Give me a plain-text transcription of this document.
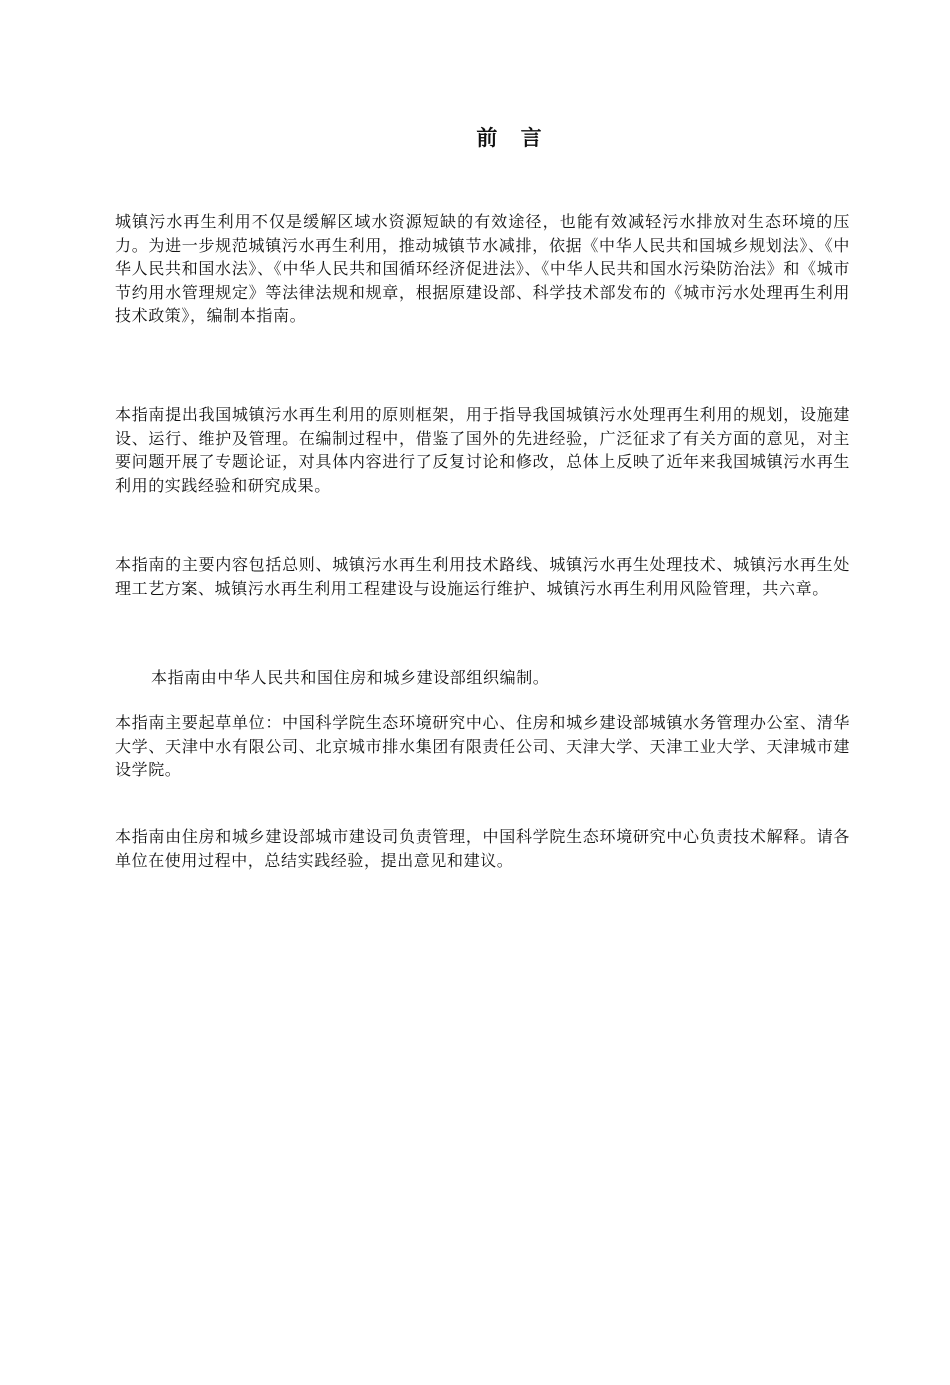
前 言

城镇污水再生利用不仅是缓解区域水资源短缺的有效途径，也能有效减轻污水排放对生态环境的压力。为进一步规范城镇污水再生利用，推动城镇节水减排，依据《中华人民共和国城乡规划法》、《中华人民共和国水法》、《中华人民共和国循环经济促进法》、《中华人民共和国水污染防治法》和《城市节约用水管理规定》等法律法规和规章，根据原建设部、科学技术部发布的《城市污水处理再生利用技术政策》，编制本指南。

本指南提出我国城镇污水再生利用的原则框架，用于指导我国城镇污水处理再生利用的规划，设施建设、运行、维护及管理。在编制过程中，借鉴了国外的先进经验，广泛征求了有关方面的意见，对主要问题开展了专题论证，对具体内容进行了反复讨论和修改，总体上反映了近年来我国城镇污水再生利用的实践经验和研究成果。

本指南的主要内容包括总则、城镇污水再生利用技术路线、城镇污水再生处理技术、城镇污水再生处理工艺方案、城镇污水再生利用工程建设与设施运行维护、城镇污水再生利用风险管理，共六章。

本指南由中华人民共和国住房和城乡建设部组织编制。

本指南主要起草单位：中国科学院生态环境研究中心、住房和城乡建设部城镇水务管理办公室、清华大学、天津中水有限公司、北京城市排水集团有限责任公司、天津大学、天津工业大学、天津城市建设学院。

本指南由住房和城乡建设部城市建设司负责管理，中国科学院生态环境研究中心负责技术解释。请各单位在使用过程中，总结实践经验，提出意见和建议。
